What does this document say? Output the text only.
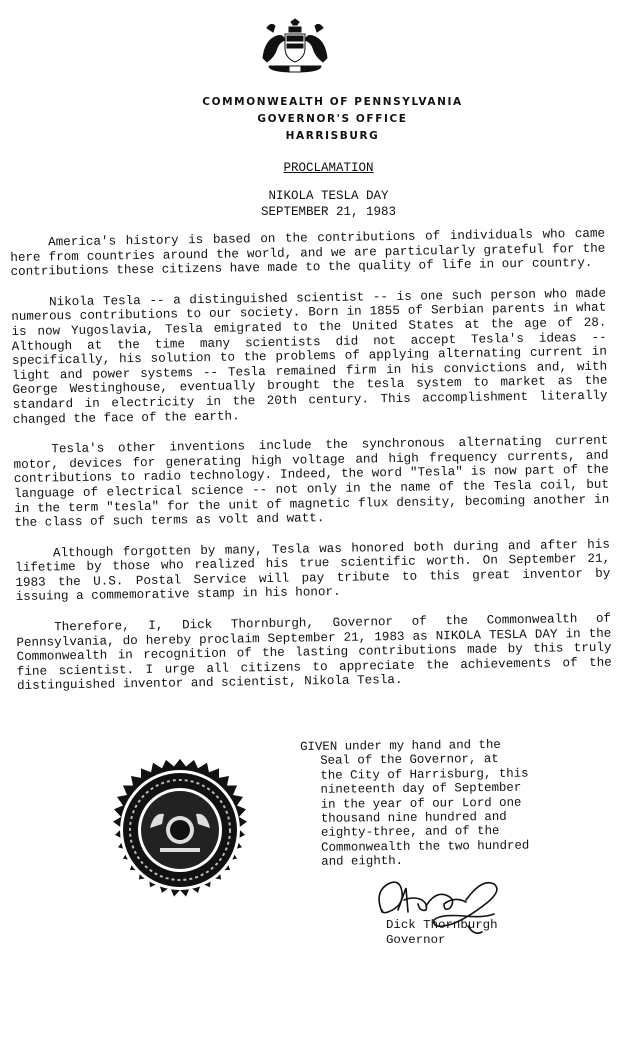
COMMONWEALTH OF PENNSYLVANIA
GOVERNOR'S OFFICE
HARRISBURG
PROCLAMATION
NIKOLA TESLA DAY
SEPTEMBER 21, 1983

America's history is based on the contributions of individuals who came here from countries around the world, and we are particularly grateful for the contributions these citizens have made to the quality of life in our country.

Nikola Tesla -- a distinguished scientist -- is one such person who made numerous contributions to our society. Born in 1855 of Serbian parents in what is now Yugoslavia, Tesla emigrated to the United States at the age of 28. Although at the time many scientists did not accept Tesla's ideas -- specifically, his solution to the problems of applying alternating current in light and power systems -- Tesla remained firm in his convictions and, with George Westinghouse, eventually brought the tesla system to market as the standard in electricity in the 20th century. This accomplishment literally changed the face of the earth.

Tesla's other inventions include the synchronous alternating current motor, devices for generating high voltage and high frequency currents, and contributions to radio technology. Indeed, the word "Tesla" is now part of the language of electrical science -- not only in the name of the Tesla coil, but in the term "tesla" for the unit of magnetic flux density, becoming another in the class of such terms as volt and watt.

Although forgotten by many, Tesla was honored both during and after his lifetime by those who realized his true scientific worth. On September 21, 1983 the U.S. Postal Service will pay tribute to this great inventor by issuing a commemorative stamp in his honor.

Therefore, I, Dick Thornburgh, Governor of the Commonwealth of Pennsylvania, do hereby proclaim September 21, 1983 as NIKOLA TESLA DAY in the Commonwealth in recognition of the lasting contributions made by this truly fine scientist. I urge all citizens to appreciate the achievements of the distinguished inventor and scientist, Nikola Tesla.

GIVEN under my hand and the
Seal of the Governor, at
the City of Harrisburg, this
nineteenth day of September
in the year of our Lord one
thousand nine hundred and
eighty-three, and of the
Commonwealth the two hundred
and eighth.
Dick Thornburgh
Governor
